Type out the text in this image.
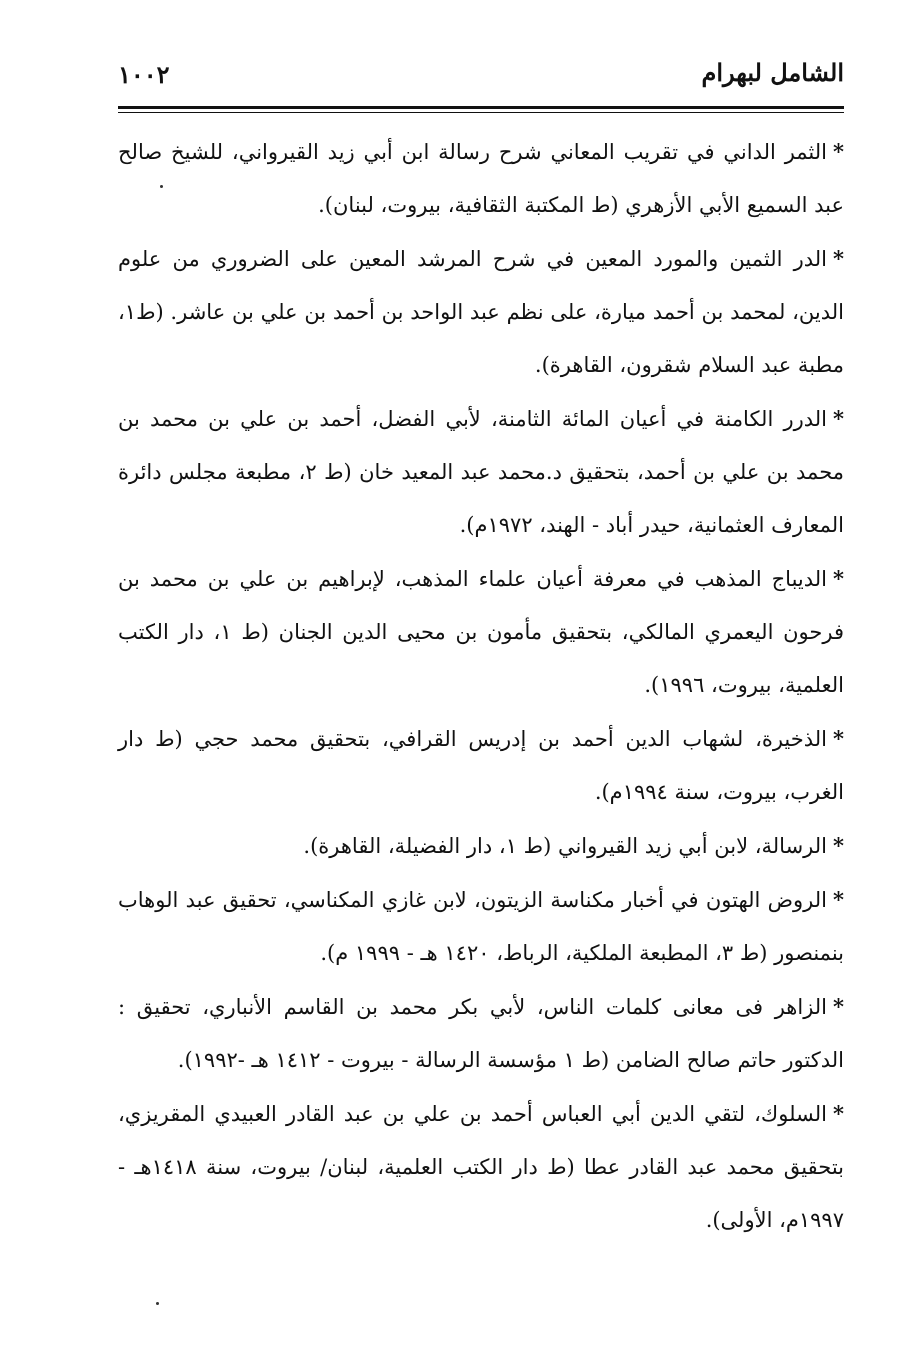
الشامل لبهرام
١٠٠٢

*الثمر الداني في تقريب المعاني شرح رسالة ابن أبي زيد القيرواني، للشيخ صالح عبد السميع الأبي الأزهري (ط المكتبة الثقافية، بيروت، لبنان).

*الدر الثمين والمورد المعين في شرح المرشد المعين على الضروري من علوم الدين، لمحمد بن أحمد ميارة، على نظم عبد الواحد بن أحمد بن علي بن عاشر. (ط١، مطبة عبد السلام شقرون، القاهرة).

*الدرر الكامنة في أعيان المائة الثامنة، لأبي الفضل، أحمد بن علي بن محمد بن محمد بن علي بن أحمد، بتحقيق د.محمد عبد المعيد خان (ط ٢، مطبعة مجلس دائرة المعارف العثمانية، حيدر أباد - الهند، ١٩٧٢م).

*الديباج المذهب في معرفة أعيان علماء المذهب، لإبراهيم بن علي بن محمد بن فرحون اليعمري المالكي، بتحقيق مأمون بن محيى الدين الجنان (ط ١، دار الكتب العلمية، بيروت، ١٩٩٦).

*الذخيرة، لشهاب الدين أحمد بن إدريس القرافي، بتحقيق محمد حجي (ط دار الغرب، بيروت، سنة ١٩٩٤م).

*الرسالة، لابن أبي زيد القيرواني (ط ١، دار الفضيلة، القاهرة).

*الروض الهتون في أخبار مكناسة الزيتون، لابن غازي المكناسي، تحقيق عبد الوهاب بنمنصور (ط ٣، المطبعة الملكية، الرباط، ١٤٢٠ هـ - ١٩٩٩ م).

*الزاهر فى معانى كلمات الناس، لأبي بكر محمد بن القاسم الأنباري، تحقيق : الدكتور حاتم صالح الضامن (ط ١ مؤسسة الرسالة - بيروت - ١٤١٢ هـ -١٩٩٢).

*السلوك، لتقي الدين أبي العباس أحمد بن علي بن عبد القادر العبيدي المقريزي، بتحقيق محمد عبد القادر عطا (ط دار الكتب العلمية، لبنان/ بيروت، سنة ١٤١٨هـ - ١٩٩٧م، الأولى).
